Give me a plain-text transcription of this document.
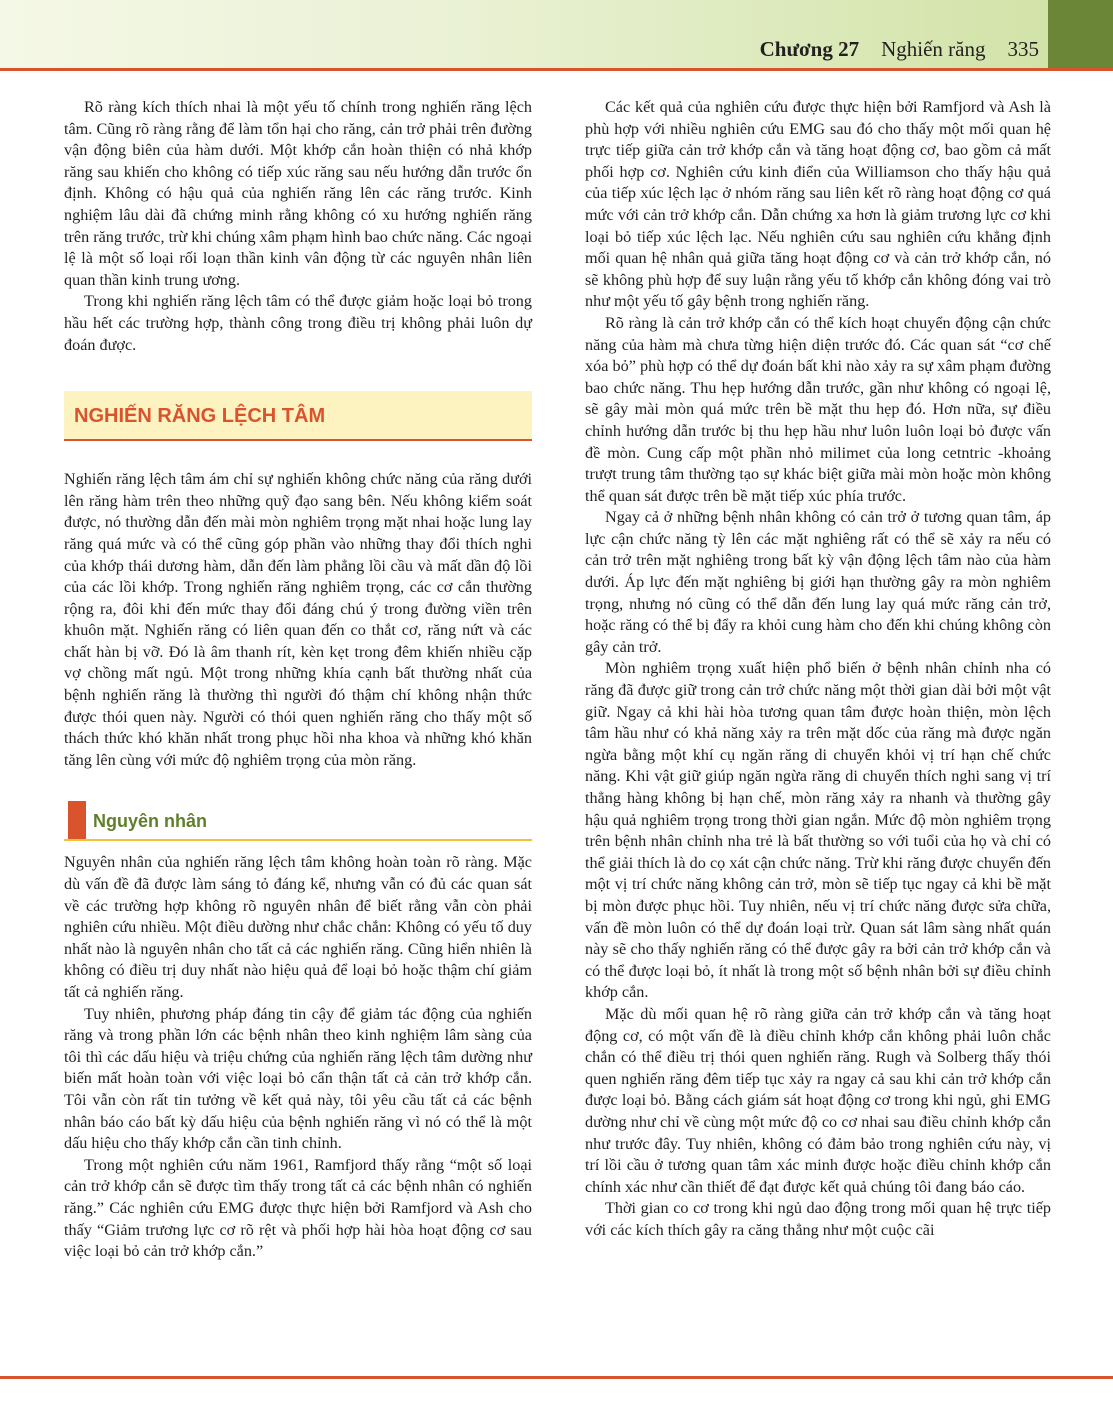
Chương 27 Nghiến răng 335

Rõ ràng kích thích nhai là một yếu tố chính trong nghiến răng lệch tâm. Cũng rõ ràng rằng để làm tổn hại cho răng, cản trở phải trên đường vận động biên của hàm dưới. Một khớp cắn hoàn thiện có nhả khớp răng sau khiến cho không có tiếp xúc răng sau nếu hướng dẫn trước ổn định. Không có hậu quả của nghiến răng lên các răng trước. Kinh nghiệm lâu dài đã chứng minh rằng không có xu hướng nghiến răng trên răng trước, trừ khi chúng xâm phạm hình bao chức năng. Các ngoại lệ là một số loại rối loạn thần kinh vân động từ các nguyên nhân liên quan thần kinh trung ương.

Trong khi nghiến răng lệch tâm có thể được giảm hoặc loại bỏ trong hầu hết các trường hợp, thành công trong điều trị không phải luôn dự đoán được.

NGHIẾN RĂNG LỆCH TÂM

Nghiến răng lệch tâm ám chỉ sự nghiến không chức năng của răng dưới lên răng hàm trên theo những quỹ đạo sang bên. Nếu không kiểm soát được, nó thường dẫn đến mài mòn nghiêm trọng mặt nhai hoặc lung lay răng quá mức và có thể cũng góp phần vào những thay đổi thích nghi của khớp thái dương hàm, dẫn đến làm phẳng lồi cầu và mất dần độ lồi của các lồi khớp. Trong nghiến răng nghiêm trọng, các cơ cắn thường rộng ra, đôi khi đến mức thay đổi đáng chú ý trong đường viền trên khuôn mặt. Nghiến răng có liên quan đến co thắt cơ, răng nứt và các chất hàn bị vỡ. Đó là âm thanh rít, kèn kẹt trong đêm khiến nhiều cặp vợ chồng mất ngủ. Một trong những khía cạnh bất thường nhất của bệnh nghiến răng là thường thì người đó thậm chí không nhận thức được thói quen này. Người có thói quen nghiến răng cho thấy một số thách thức khó khăn nhất trong phục hồi nha khoa và những khó khăn tăng lên cùng với mức độ nghiêm trọng của mòn răng.

Nguyên nhân

Nguyên nhân của nghiến răng lệch tâm không hoàn toàn rõ ràng. Mặc dù vấn đề đã được làm sáng tỏ đáng kể, nhưng vẫn có đủ các quan sát về các trường hợp không rõ nguyên nhân để biết rằng vẫn còn phải nghiên cứu nhiều. Một điều dường như chắc chắn: Không có yếu tố duy nhất nào là nguyên nhân cho tất cả các nghiến răng. Cũng hiển nhiên là không có điều trị duy nhất nào hiệu quả để loại bỏ hoặc thậm chí giảm tất cả nghiến răng.

Tuy nhiên, phương pháp đáng tin cậy để giảm tác động của nghiến răng và trong phần lớn các bệnh nhân theo kinh nghiệm lâm sàng của tôi thì các dấu hiệu và triệu chứng của nghiến răng lệch tâm dường như biến mất hoàn toàn với việc loại bỏ cẩn thận tất cả cản trở khớp cắn. Tôi vẫn còn rất tin tưởng về kết quả này, tôi yêu cầu tất cả các bệnh nhân báo cáo bất kỳ dấu hiệu của bệnh nghiến răng vì nó có thể là một dấu hiệu cho thấy khớp cắn cần tinh chỉnh.

Trong một nghiên cứu năm 1961, Ramfjord thấy rằng “một số loại cản trở khớp cắn sẽ được tìm thấy trong tất cả các bệnh nhân có nghiến răng.” Các nghiên cứu EMG được thực hiện bởi Ramfjord và Ash cho thấy “Giảm trương lực cơ rõ rệt và phối hợp hài hòa hoạt động cơ sau việc loại bỏ cản trở khớp cắn.”

Các kết quả của nghiên cứu được thực hiện bởi Ramfjord và Ash là phù hợp với nhiều nghiên cứu EMG sau đó cho thấy một mối quan hệ trực tiếp giữa cản trở khớp cắn và tăng hoạt động cơ, bao gồm cả mất phối hợp cơ. Nghiên cứu kinh điển của Williamson cho thấy hậu quả của tiếp xúc lệch lạc ở nhóm răng sau liên kết rõ ràng hoạt động cơ quá mức với cản trở khớp cắn. Dẫn chứng xa hơn là giảm trương lực cơ khi loại bỏ tiếp xúc lệch lạc. Nếu nghiên cứu sau nghiên cứu khẳng định mối quan hệ nhân quả giữa tăng hoạt động cơ và cản trở khớp cắn, nó sẽ không phù hợp để suy luận rằng yếu tố khớp cắn không đóng vai trò như một yếu tố gây bệnh trong nghiến răng.

Rõ ràng là cản trở khớp cắn có thể kích hoạt chuyển động cận chức năng của hàm mà chưa từng hiện diện trước đó. Các quan sát “cơ chế xóa bỏ” phù hợp có thể dự đoán bất khi nào xảy ra sự xâm phạm đường bao chức năng. Thu hẹp hướng dẫn trước, gần như không có ngoại lệ, sẽ gây mài mòn quá mức trên bề mặt thu hẹp đó. Hơn nữa, sự điều chỉnh hướng dẫn trước bị thu hẹp hầu như luôn luôn loại bỏ được vấn đề mòn. Cung cấp một phần nhỏ milimet của long cetntric -khoảng trượt trung tâm thường tạo sự khác biệt giữa mài mòn hoặc mòn không thể quan sát được trên bề mặt tiếp xúc phía trước.

Ngay cả ở những bệnh nhân không có cản trở ở tương quan tâm, áp lực cận chức năng tỳ lên các mặt nghiêng rất có thể sẽ xảy ra nếu có cản trở trên mặt nghiêng trong bất kỳ vận động lệch tâm nào của hàm dưới. Áp lực đến mặt nghiêng bị giới hạn thường gây ra mòn nghiêm trọng, nhưng nó cũng có thể dẫn đến lung lay quá mức răng cản trở, hoặc răng có thể bị đẩy ra khỏi cung hàm cho đến khi chúng không còn gây cản trở.

Mòn nghiêm trọng xuất hiện phổ biến ở bệnh nhân chỉnh nha có răng đã được giữ trong cản trở chức năng một thời gian dài bởi một vật giữ. Ngay cả khi hài hòa tương quan tâm được hoàn thiện, mòn lệch tâm hầu như có khả năng xảy ra trên mặt dốc của răng mà được ngăn ngừa bằng một khí cụ ngăn răng di chuyển khỏi vị trí hạn chế chức năng. Khi vật giữ giúp ngăn ngừa răng di chuyển thích nghi sang vị trí thẳng hàng không bị hạn chế, mòn răng xảy ra nhanh và thường gây hậu quả nghiêm trọng trong thời gian ngắn. Mức độ mòn nghiêm trọng trên bệnh nhân chỉnh nha trẻ là bất thường so với tuổi của họ và chỉ có thể giải thích là do cọ xát cận chức năng. Trừ khi răng được chuyển đến một vị trí chức năng không cản trở, mòn sẽ tiếp tục ngay cả khi bề mặt bị mòn được phục hồi. Tuy nhiên, nếu vị trí chức năng được sửa chữa, vấn đề mòn luôn có thể dự đoán loại trừ. Quan sát lâm sàng nhất quán này sẽ cho thấy nghiến răng có thể được gây ra bởi cản trở khớp cắn và có thể được loại bỏ, ít nhất là trong một số bệnh nhân bởi sự điều chỉnh khớp cắn.

Mặc dù mối quan hệ rõ ràng giữa cản trở khớp cắn và tăng hoạt động cơ, có một vấn đề là điều chỉnh khớp cắn không phải luôn chắc chắn có thể điều trị thói quen nghiến răng. Rugh và Solberg thấy thói quen nghiến răng đêm tiếp tục xảy ra ngay cả sau khi cản trở khớp cắn được loại bỏ. Bằng cách giám sát hoạt động cơ trong khi ngủ, ghi EMG dường như chỉ về cùng một mức độ co cơ nhai sau điều chỉnh khớp cắn như trước đây. Tuy nhiên, không có đảm bảo trong nghiên cứu này, vị trí lồi cầu ở tương quan tâm xác minh được hoặc điều chỉnh khớp cắn chính xác như cần thiết để đạt được kết quả chúng tôi đang báo cáo.

Thời gian co cơ trong khi ngủ dao động trong mối quan hệ trực tiếp với các kích thích gây ra căng thẳng như một cuộc cãi
